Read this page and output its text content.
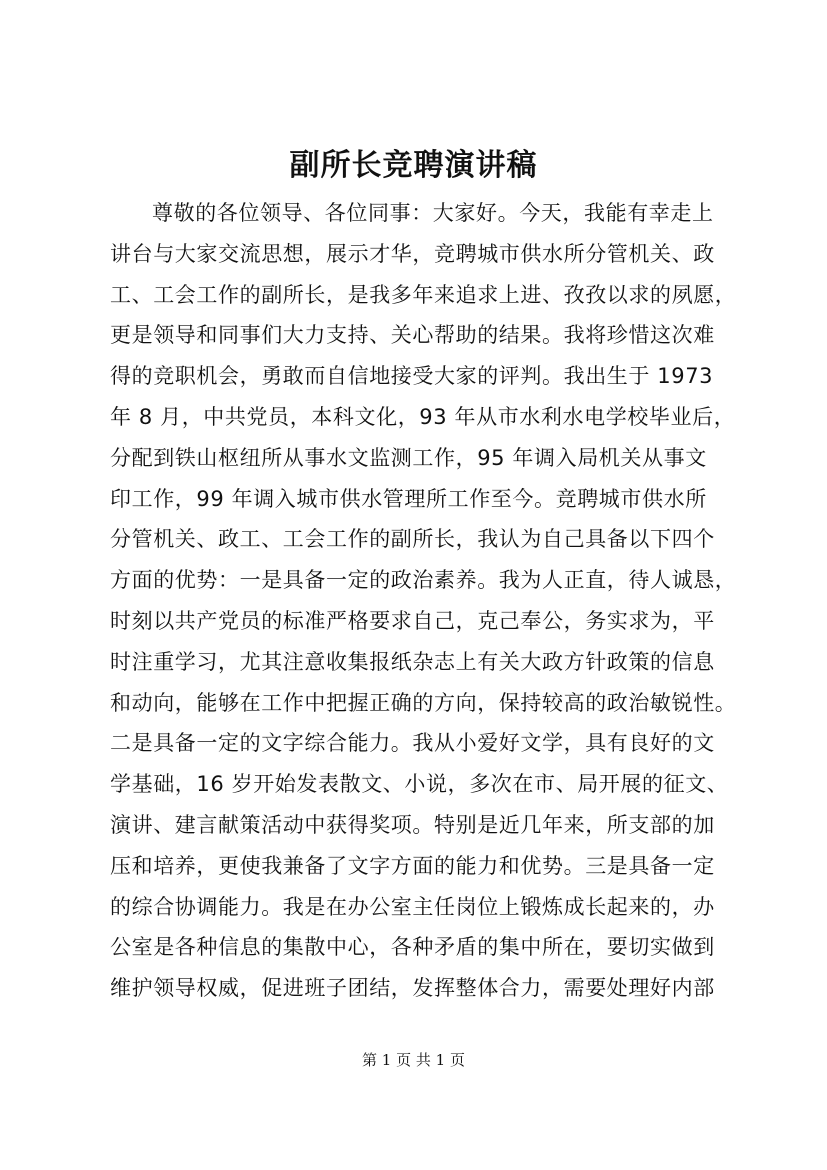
副所长竞聘演讲稿
尊敬的各位领导、各位同事：大家好。今天，我能有幸走上
讲台与大家交流思想，展示才华，竞聘城市供水所分管机关、政
工、工会工作的副所长，是我多年来追求上进、孜孜以求的夙愿，
更是领导和同事们大力支持、关心帮助的结果。我将珍惜这次难
得的竞职机会，勇敢而自信地接受大家的评判。我出生于 1973
年 8 月，中共党员，本科文化，93 年从市水利水电学校毕业后，
分配到铁山枢纽所从事水文监测工作，95 年调入局机关从事文
印工作，99 年调入城市供水管理所工作至今。竞聘城市供水所
分管机关、政工、工会工作的副所长，我认为自己具备以下四个
方面的优势：一是具备一定的政治素养。我为人正直，待人诚恳，
时刻以共产党员的标准严格要求自己，克己奉公，务实求为，平
时注重学习，尤其注意收集报纸杂志上有关大政方针政策的信息
和动向，能够在工作中把握正确的方向，保持较高的政治敏锐性。
二是具备一定的文字综合能力。我从小爱好文学，具有良好的文
学基础，16 岁开始发表散文、小说，多次在市、局开展的征文、
演讲、建言献策活动中获得奖项。特别是近几年来，所支部的加
压和培养，更使我兼备了文字方面的能力和优势。三是具备一定
的综合协调能力。我是在办公室主任岗位上锻炼成长起来的，办
公室是各种信息的集散中心，各种矛盾的集中所在，要切实做到
维护领导权威，促进班子团结，发挥整体合力，需要处理好内部
第 1 页 共 1 页
